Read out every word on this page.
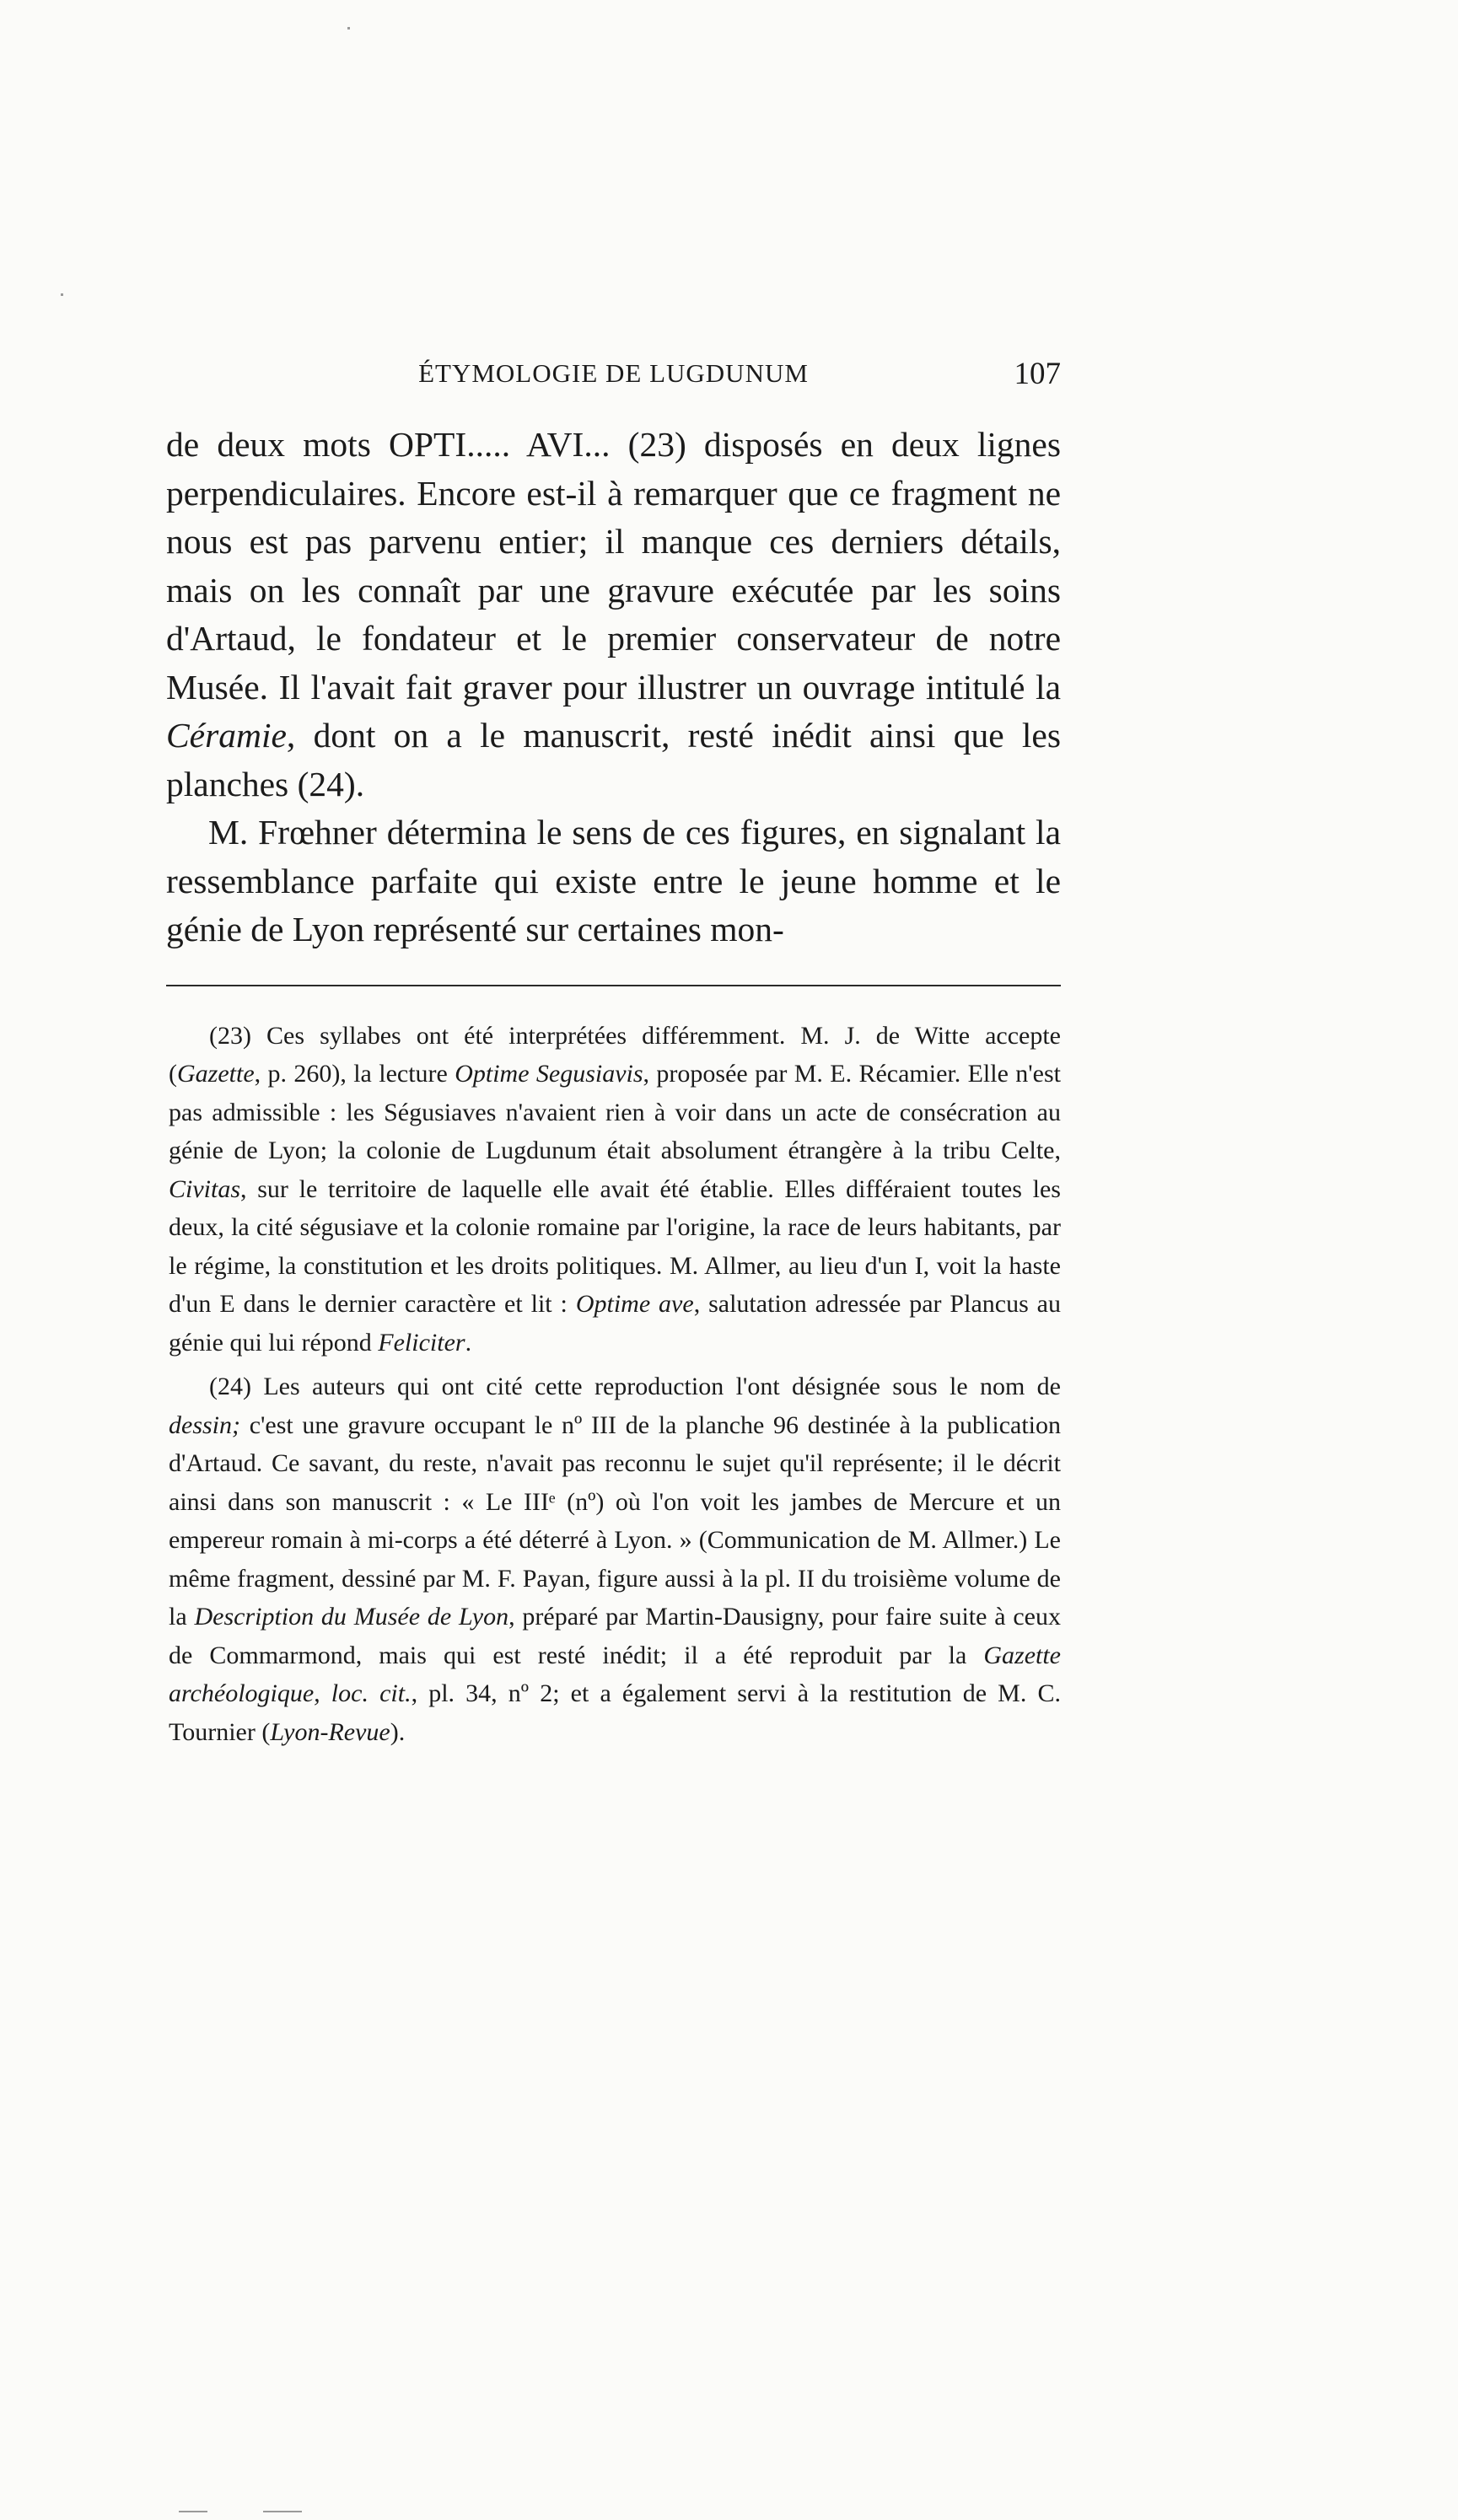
ÉTYMOLOGIE DE LUGDUNUM	107

de deux mots OPTI..... AVI... (23) disposés en deux lignes perpendiculaires. Encore est-il à remarquer que ce fragment ne nous est pas parvenu entier; il manque ces derniers détails, mais on les connaît par une gravure exécutée par les soins d'Artaud, le fondateur et le premier conservateur de notre Musée. Il l'avait fait graver pour illustrer un ouvrage intitulé la Céramie, dont on a le manuscrit, resté inédit ainsi que les planches (24).

M. Frœhner détermina le sens de ces figures, en signalant la ressemblance parfaite qui existe entre le jeune homme et le génie de Lyon représenté sur certaines mon-

(23) Ces syllabes ont été interprétées différemment. M. J. de Witte accepte (Gazette, p. 260), la lecture Optime Segusiavis, proposée par M. E. Récamier. Elle n'est pas admissible : les Ségusiaves n'avaient rien à voir dans un acte de consécration au génie de Lyon; la colonie de Lugdunum était absolument étrangère à la tribu Celte, Civitas, sur le territoire de laquelle elle avait été établie. Elles différaient toutes les deux, la cité ségusiave et la colonie romaine par l'origine, la race de leurs habitants, par le régime, la constitution et les droits politiques. M. Allmer, au lieu d'un I, voit la haste d'un E dans le dernier caractère et lit : Optime ave, salutation adressée par Plancus au génie qui lui répond Feliciter.

(24) Les auteurs qui ont cité cette reproduction l'ont désignée sous le nom de dessin; c'est une gravure occupant le nº III de la planche 96 destinée à la publication d'Artaud. Ce savant, du reste, n'avait pas reconnu le sujet qu'il représente; il le décrit ainsi dans son manuscrit : « Le IIIᵉ (nº) où l'on voit les jambes de Mercure et un empereur romain à mi-corps a été déterré à Lyon. » (Communication de M. Allmer.) Le même fragment, dessiné par M. F. Payan, figure aussi à la pl. II du troisième volume de la Description du Musée de Lyon, préparé par Martin-Dausigny, pour faire suite à ceux de Commarmond, mais qui est resté inédit; il a été reproduit par la Gazette archéologique, loc. cit., pl. 34, nº 2; et a également servi à la restitution de M. C. Tournier (Lyon-Revue).
